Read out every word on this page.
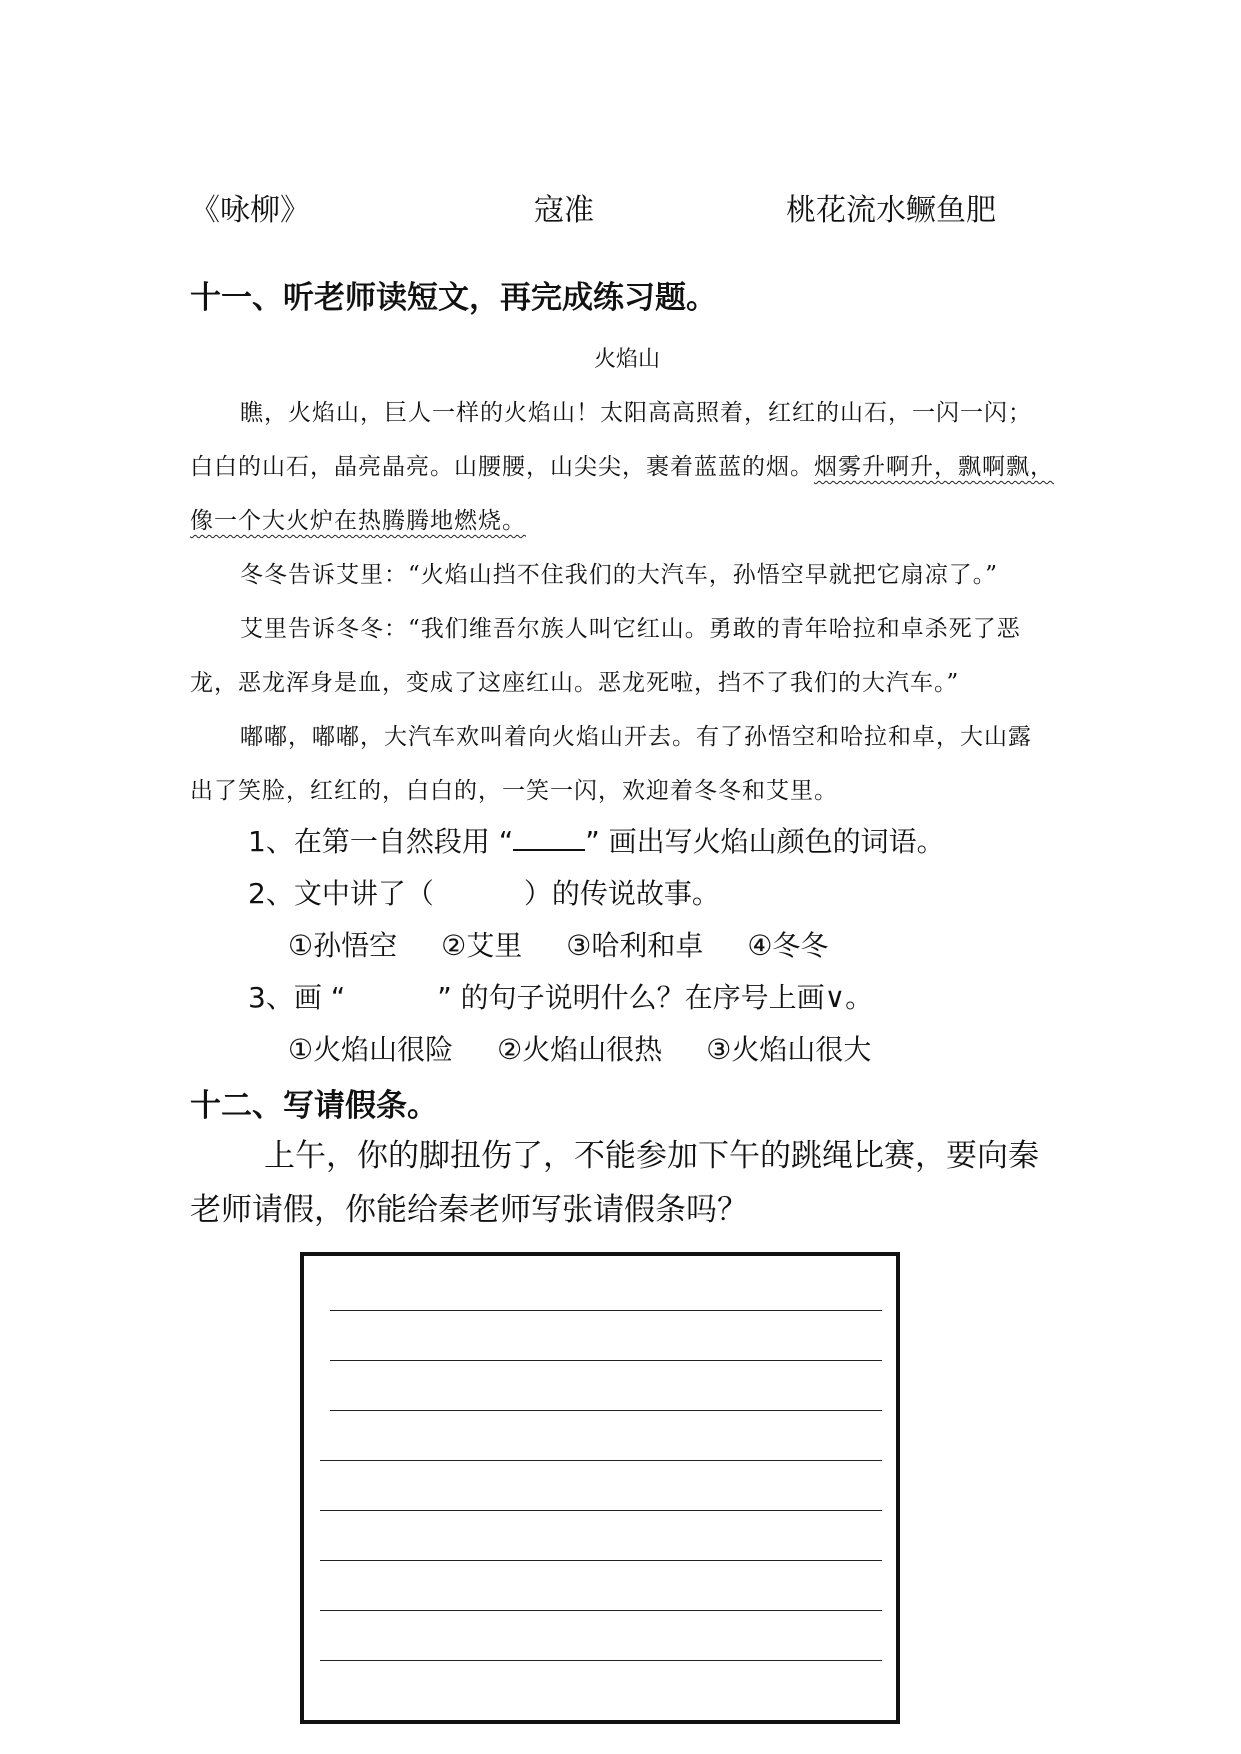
《咏柳》	寇准	桃花流水鳜鱼肥
十一、听老师读短文，再完成练习题。
火焰山
瞧，火焰山，巨人一样的火焰山！太阳高高照着，红红的山石，一闪一闪；
白白的山石，晶亮晶亮。山腰腰，山尖尖，裹着蓝蓝的烟。烟雾升啊升，飘啊飘，
像一个大火炉在热腾腾地燃烧。
冬冬告诉艾里：“火焰山挡不住我们的大汽车，孙悟空早就把它扇凉了。”
艾里告诉冬冬：“我们维吾尔族人叫它红山。勇敢的青年哈拉和卓杀死了恶
龙，恶龙浑身是血，变成了这座红山。恶龙死啦，挡不了我们的大汽车。”
嘟嘟，嘟嘟，大汽车欢叫着向火焰山开去。有了孙悟空和哈拉和卓，大山露
出了笑脸，红红的，白白的，一笑一闪，欢迎着冬冬和艾里。
1、在第一自然段用 “	” 画出写火焰山颜色的词语。
2、文中讲了（	）的传说故事。
①孙悟空 ②艾里 ③哈利和卓 ④冬冬
3、画 “	” 的句子说明什么？在序号上画∨。
①火焰山很险 ②火焰山很热 ③火焰山很大
十二、写请假条。
上午，你的脚扭伤了，不能参加下午的跳绳比赛，要向秦
老师请假，你能给秦老师写张请假条吗？
